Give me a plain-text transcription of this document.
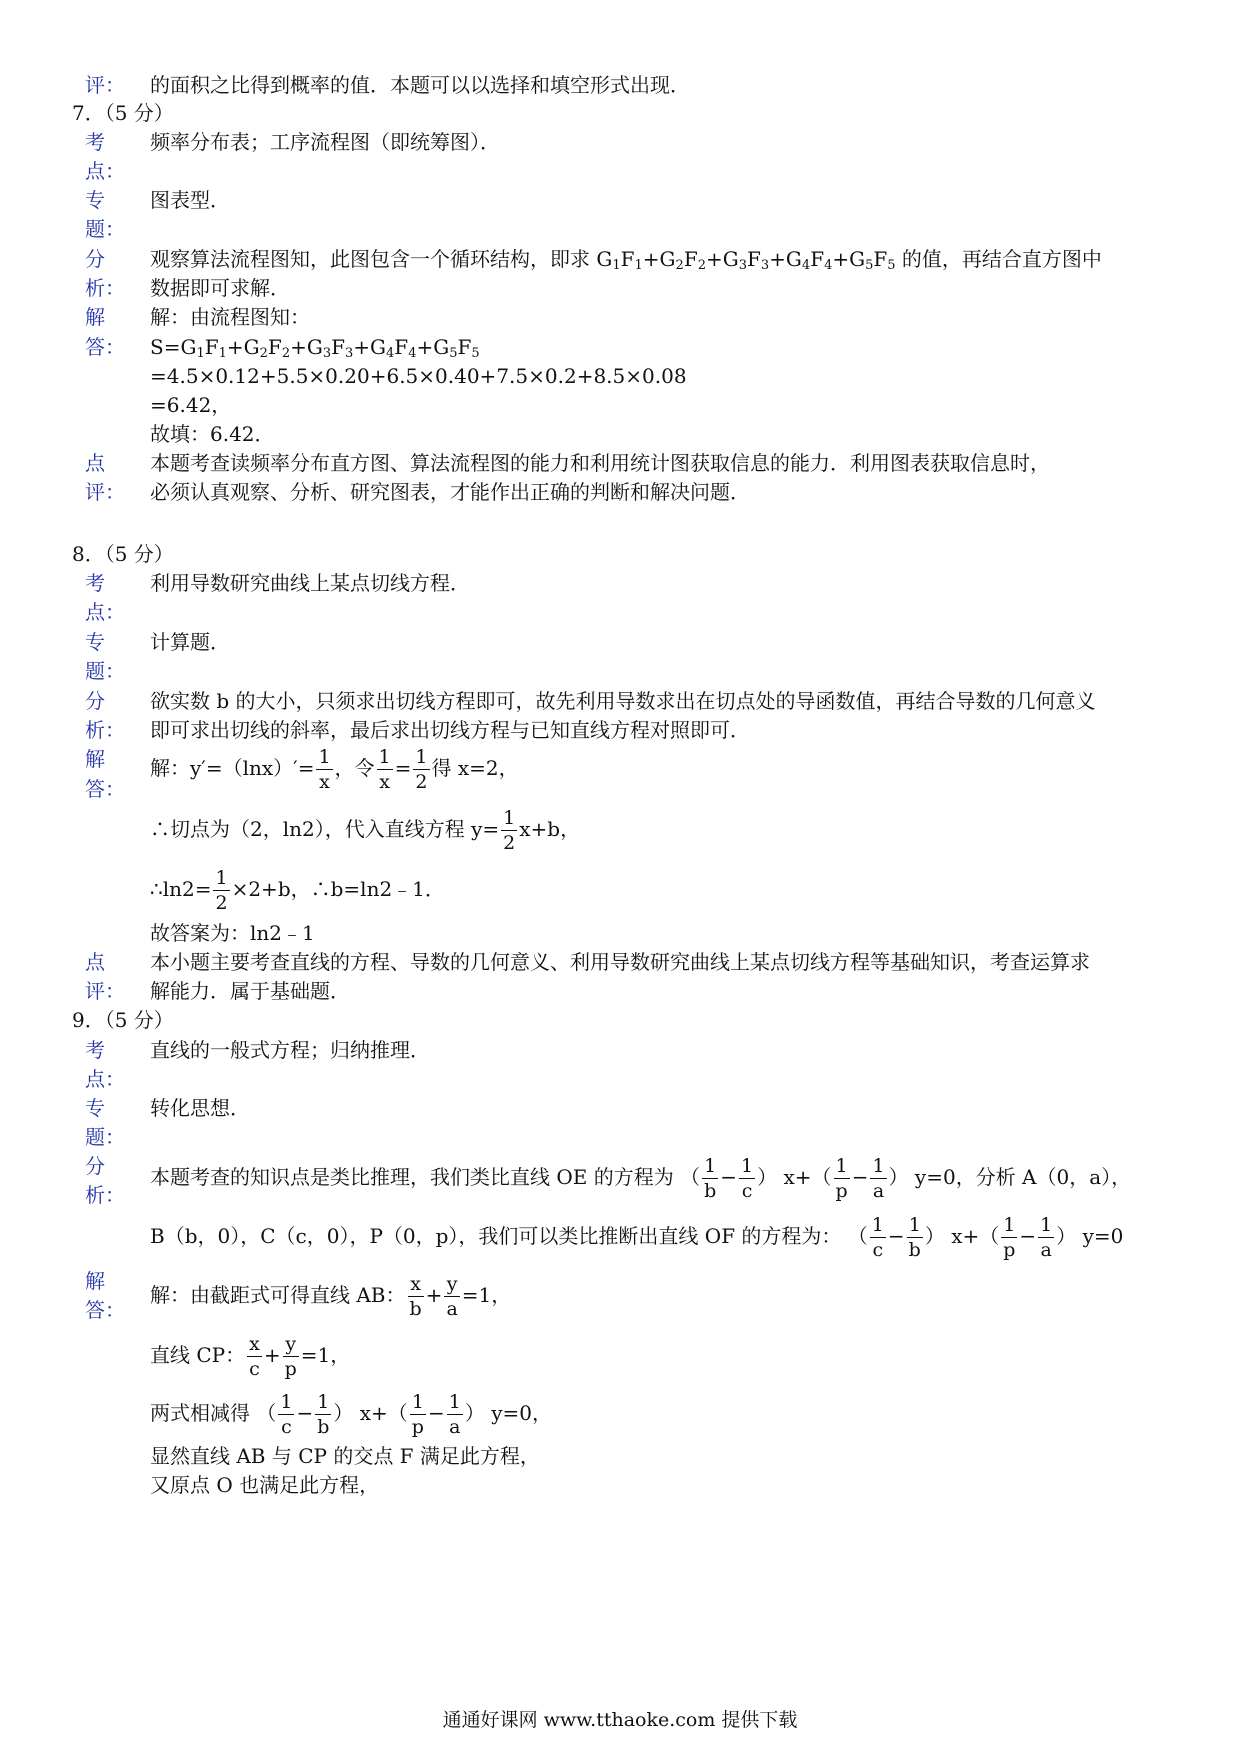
评： 的面积之比得到概率的值．本题可以以选择和填空形式出现．
7．（5 分）
考 频率分布表；工序流程图（即统筹图）．
点：
专 图表型．
题：
分 观察算法流程图知，此图包含一个循环结构，即求 $G_1F_1+G_2F_2+G_3F_3+G_4F_4+G_5F_5$ 的值，再结合直方图中
析： 数据即可求解．
解 解：由流程图知：
答： $S=G_1F_1+G_2F_2+G_3F_3+G_4F_4+G_5F_5$
=4.5×0.12+5.5×0.20+6.5×0.40+7.5×0.2+8.5×0.08
=6.42，
故填：6.42．
点 本题考查读频率分布直方图、算法流程图的能力和利用统计图获取信息的能力．利用图表获取信息时，
评： 必须认真观察、分析、研究图表，才能作出正确的判断和解决问题．
8．（5 分）
考 利用导数研究曲线上某点切线方程．
点：
专 计算题．
题：
分 欲实数 b 的大小，只须求出切线方程即可，故先利用导数求出在切点处的导函数值，再结合导数的几何意义
析： 即可求出切线的斜率，最后求出切线方程与已知直线方程对照即可．
解
答：
解：$y'=(\ln x)'= \frac{1}{x}$ ，令 $\frac{1}{x} = \frac{1}{2}$ 得 x=2，
∴切点为（2，ln2），代入直线方程 $y= \frac{1}{2} x+b$，
∴ln2= $\frac{1}{2} \times 2+b$，∴b=ln2﹣1．
故答案为：ln2﹣1
点 本小题主要考查直线的方程、导数的几何意义、利用导数研究曲线上某点切线方程等基础知识，考查运算求
评： 解能力．属于基础题．
9．（5 分）
考 直线的一般式方程；归纳推理．
点：
专 转化思想．
题：
分 本题考查的知识点是类比推理，我们类比直线 OE 的方程为 （ $\frac{1}{b} - \frac{1}{c}$ ） $x+( \frac{1}{p} - \frac{1}{a}$ ） y=0，分析 A（0，a），
析：
B（b，0），C（c，0），P（0，p），我们可以类比推断出直线 OF 的方程为： （ $\frac{1}{c} - \frac{1}{b}$ ） $x+( \frac{1}{p} - \frac{1}{a}$ ） y=0
解
答：
解：由截距式可得直线 AB： $\frac{x}{b} + \frac{y}{a} =1$，
直线 CP： $\frac{x}{c} + \frac{y}{p} =1$，
两式相减得 （ $\frac{1}{c} - \frac{1}{b}$ ） $x+( \frac{1}{p} - \frac{1}{a}$ ） y=0，
显然直线 AB 与 CP 的交点 F 满足此方程，
又原点 O 也满足此方程，
通通好课网 www.tthaoke.com 提供下载
